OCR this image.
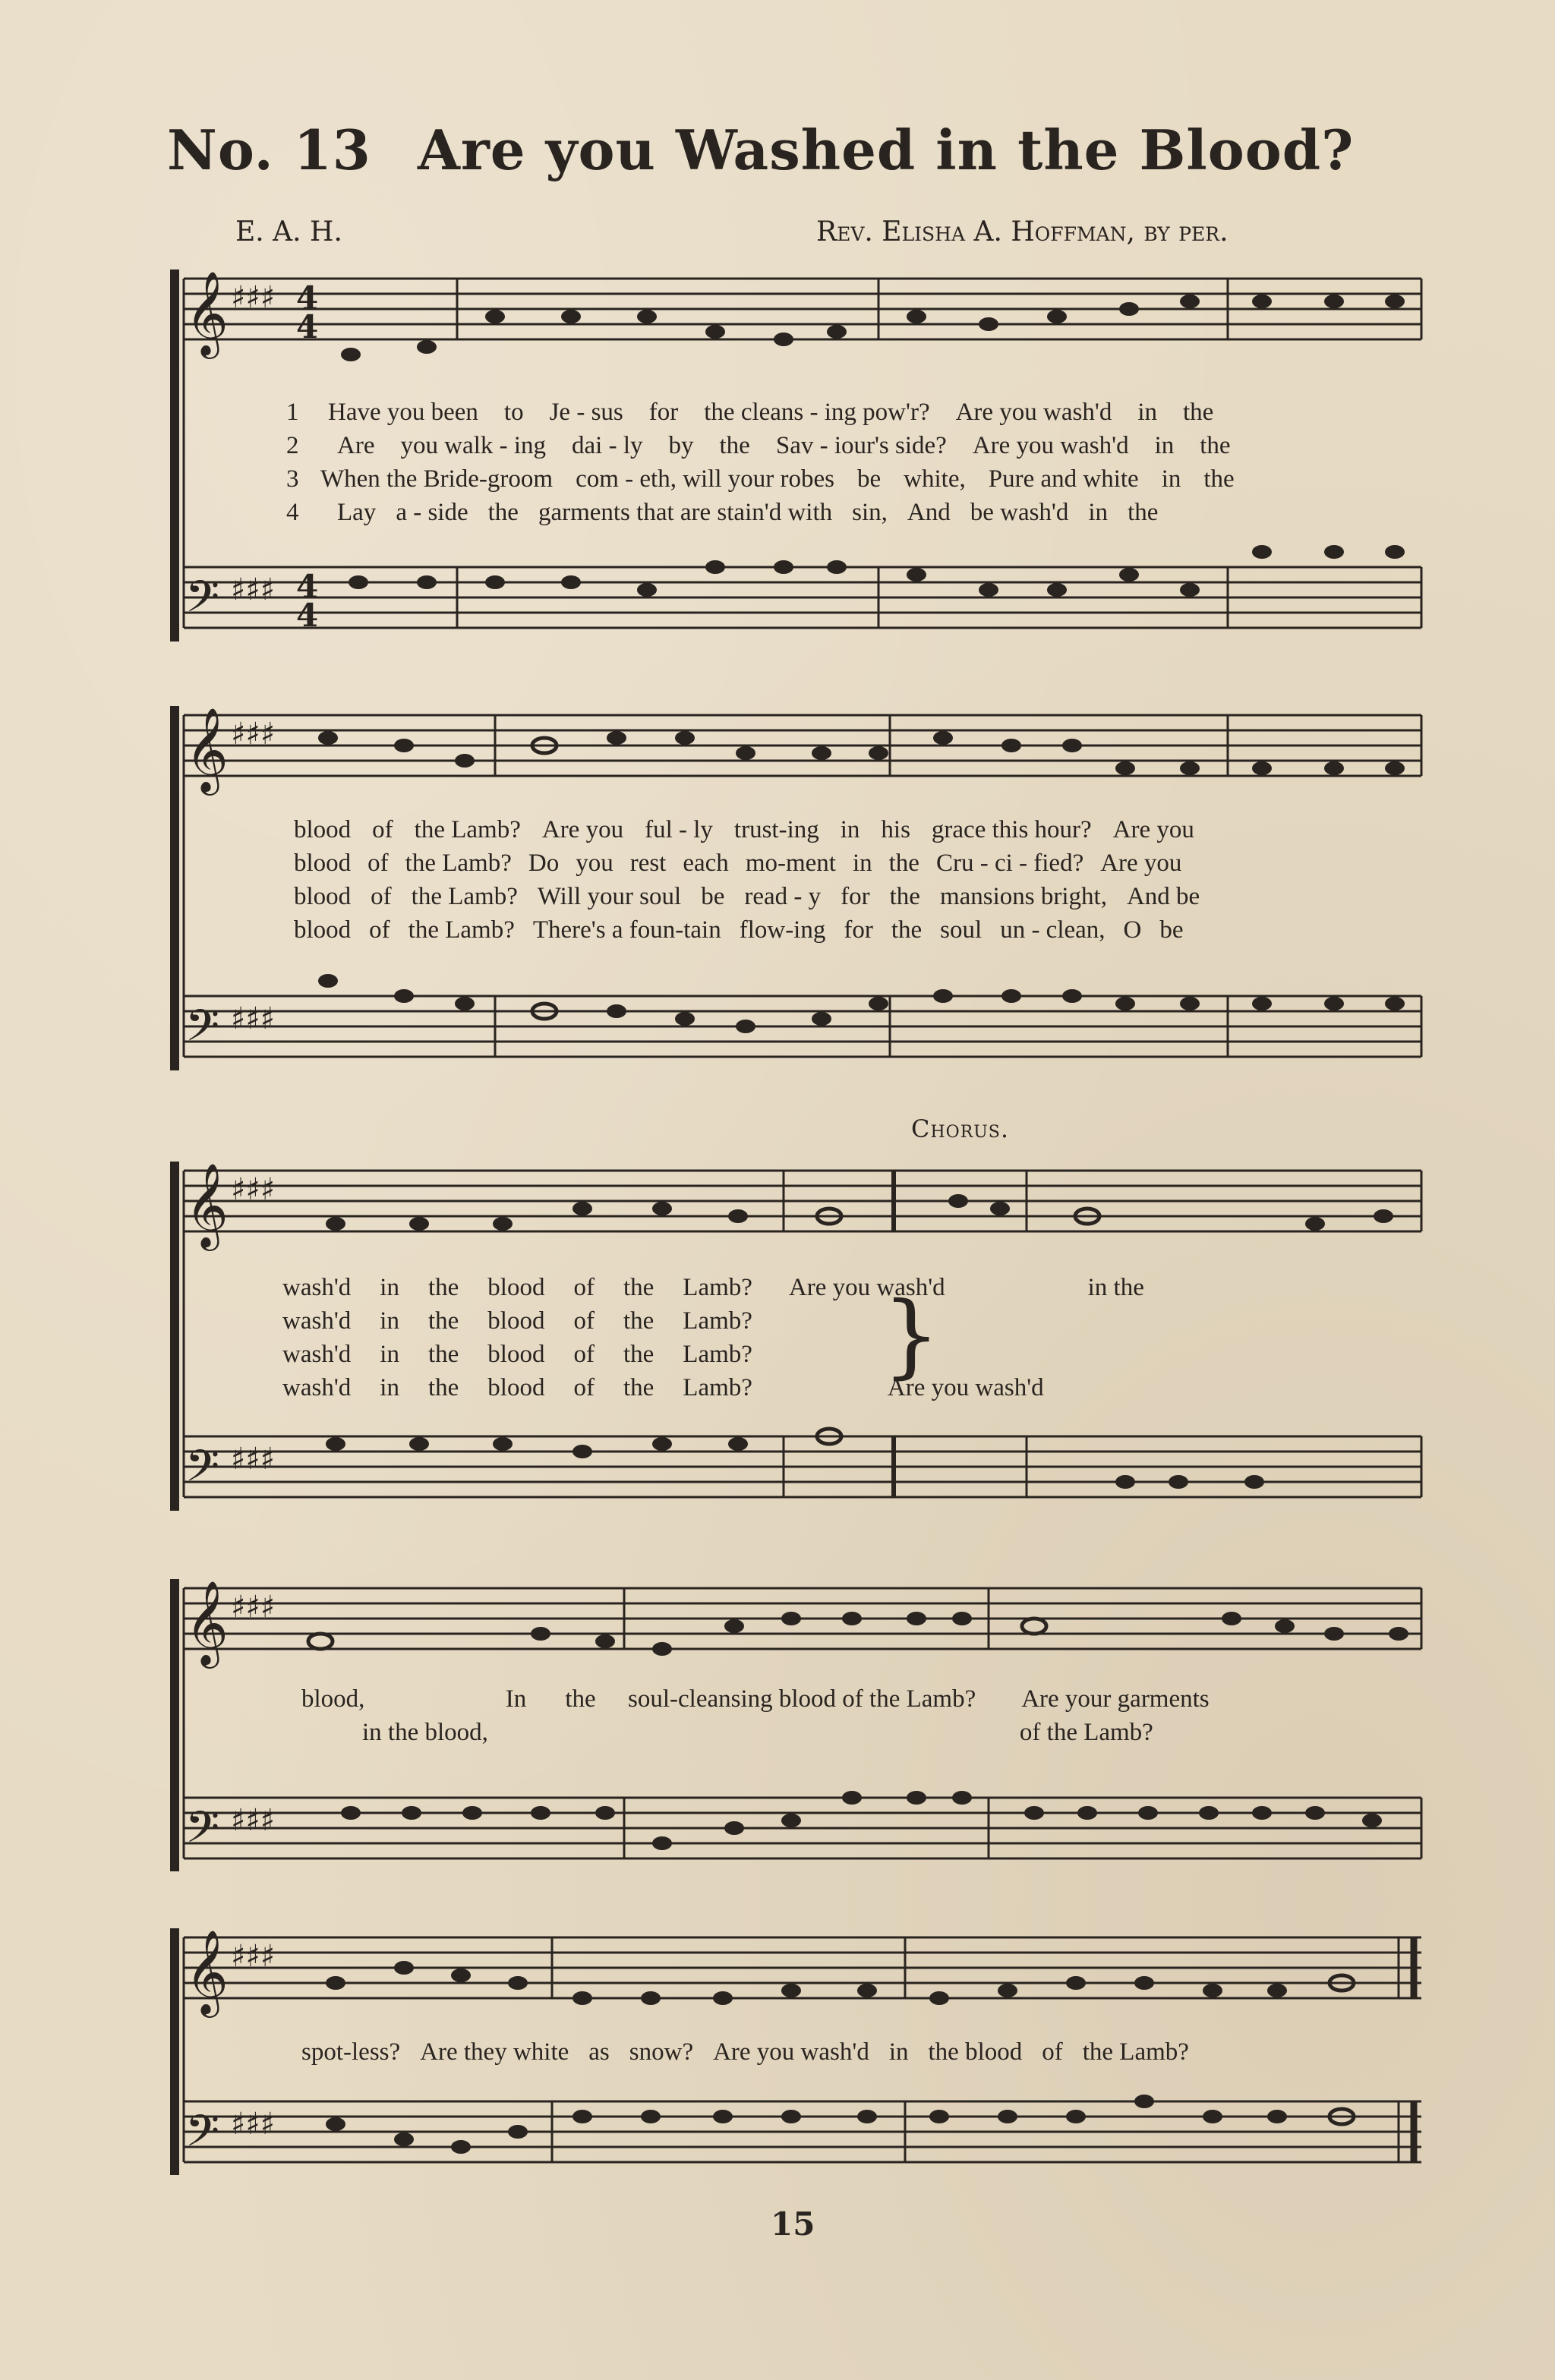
No. 13 Are you Washed in the Blood?
E. A. H.	Rev. Elisha A. Hoffman, by per.
𝄞
𝄢
♯♯♯
♯♯♯
4
4
4
4
1
2
3
4
Have you been to Je - sus for the cleans - ing pow'r? Are you wash'd in the
Are you walk - ing dai - ly by the Sav - iour's side? Are you wash'd in the
When the Bride-groom com - eth, will your robes be white, Pure and white in the
Lay a - side the garments that are stain'd with sin, And be wash'd in the
𝄞
𝄢
♯♯♯
♯♯♯
blood of the Lamb? Are you ful - ly trust-ing in his grace this hour? Are you
blood of the Lamb? Do you rest each mo-ment in the Cru - ci - fied? Are you
blood of the Lamb? Will your soul be read - y for the mansions bright, And be
blood of the Lamb? There's a foun-tain flow-ing for the soul un - clean, O be
Chorus.
𝄞
𝄢
♯♯♯
♯♯♯
wash'd in the blood of the Lamb? Are you wash'd	in the
wash'd in the blood of the Lamb?
wash'd in the blood of the Lamb?
wash'd in the blood of the Lamb?	Are you wash'd
}
𝄞
𝄢
♯♯♯
♯♯♯
blood,	In	the	soul-cleansing blood of the Lamb? Are your garments
in the blood,	of the Lamb?
𝄞
𝄢
♯♯♯
♯♯♯
spot-less? Are they white as snow? Are you wash'd in the blood of the Lamb?
15
